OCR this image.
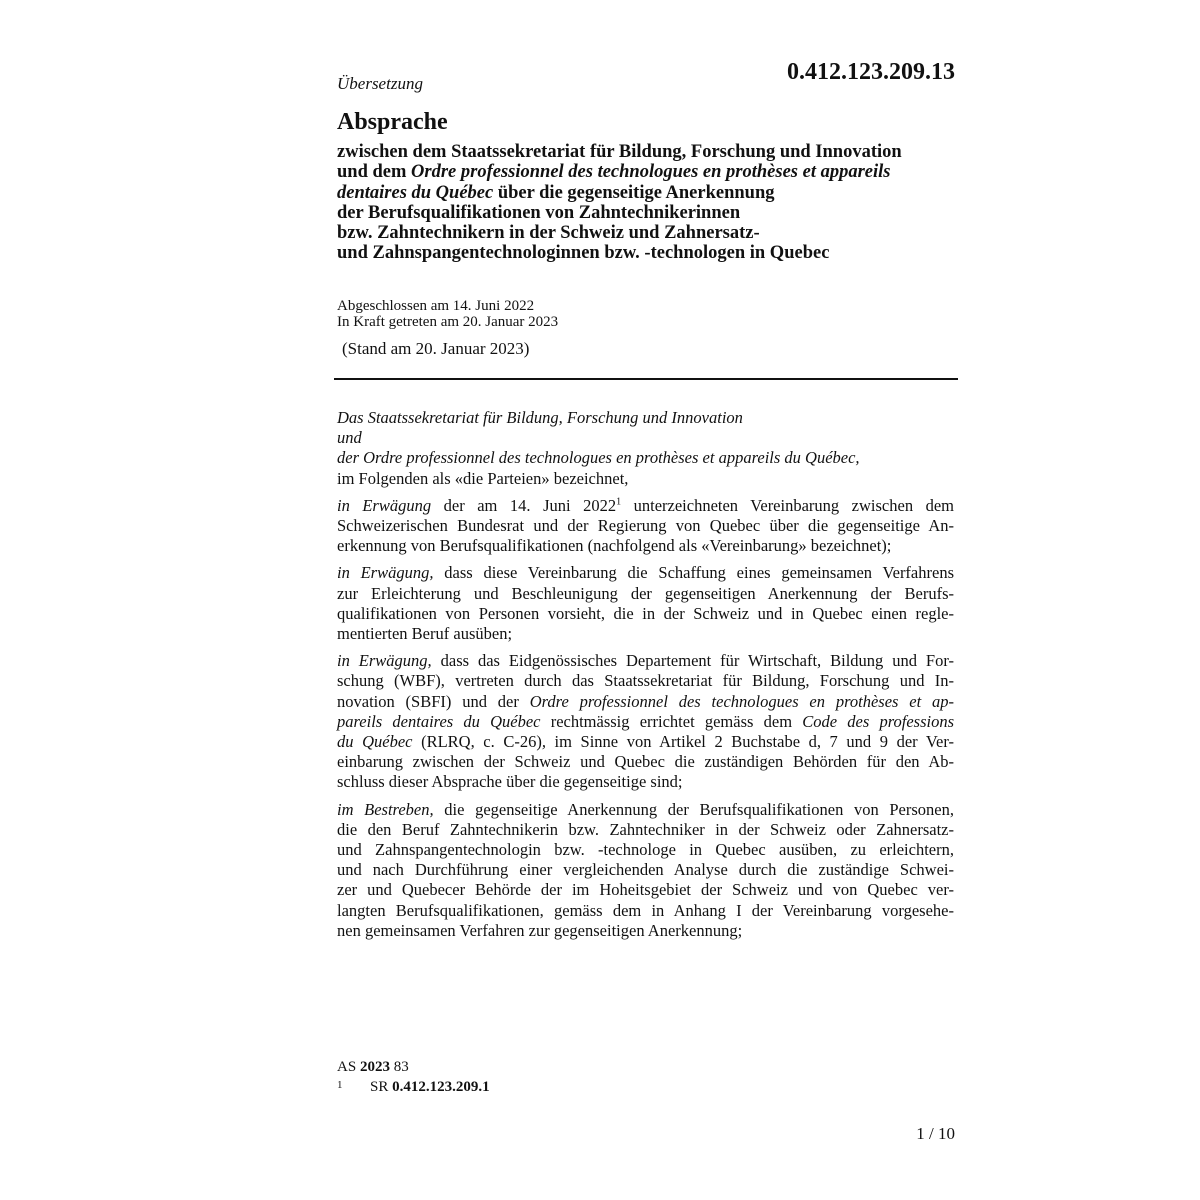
Übersetzung	0.412.123.209.13
Absprache
zwischen dem Staatssekretariat für Bildung, Forschung und Innovation
und dem Ordre professionnel des technologues en prothèses et appareils
dentaires du Québec über die gegenseitige Anerkennung
der Berufsqualifikationen von Zahntechnikerinnen
bzw. Zahntechnikern in der Schweiz und Zahnersatz-
und Zahnspangentechnologinnen bzw. -technologen in Quebec
Abgeschlossen am 14. Juni 2022
In Kraft getreten am 20. Januar 2023
(Stand am 20. Januar 2023)
Das Staatssekretariat für Bildung, Forschung und Innovation
und
der Ordre professionnel des technologues en prothèses et appareils du Québec,
im Folgenden als «die Parteien» bezeichnet,
in Erwägung der am 14. Juni 2022$^1$ unterzeichneten Vereinbarung zwischen dem
Schweizerischen Bundesrat und der Regierung von Quebec über die gegenseitige An-
erkennung von Berufsqualifikationen (nachfolgend als «Vereinbarung» bezeichnet);
in Erwägung, dass diese Vereinbarung die Schaffung eines gemeinsamen Verfahrens
zur Erleichterung und Beschleunigung der gegenseitigen Anerkennung der Berufs-
qualifikationen von Personen vorsieht, die in der Schweiz und in Quebec einen regle-
mentierten Beruf ausüben;
in Erwägung, dass das Eidgenössisches Departement für Wirtschaft, Bildung und For-
schung (WBF), vertreten durch das Staatssekretariat für Bildung, Forschung und In-
novation (SBFI) und der Ordre professionnel des technologues en prothèses et ap-
pareils dentaires du Québec rechtmässig errichtet gemäss dem Code des professions
du Québec (RLRQ, c. C-26), im Sinne von Artikel 2 Buchstabe d, 7 und 9 der Ver-
einbarung zwischen der Schweiz und Quebec die zuständigen Behörden für den Ab-
schluss dieser Absprache über die gegenseitige sind;
im Bestreben, die gegenseitige Anerkennung der Berufsqualifikationen von Personen,
die den Beruf Zahntechnikerin bzw. Zahntechniker in der Schweiz oder Zahnersatz-
und Zahnspangentechnologin bzw. -technologe in Quebec ausüben, zu erleichtern,
und nach Durchführung einer vergleichenden Analyse durch die zuständige Schwei-
zer und Quebecer Behörde der im Hoheitsgebiet der Schweiz und von Quebec ver-
langten Berufsqualifikationen, gemäss dem in Anhang I der Vereinbarung vorgesehe-
nen gemeinsamen Verfahren zur gegenseitigen Anerkennung;
AS 2023 83
1 SR 0.412.123.209.1
1 / 10
